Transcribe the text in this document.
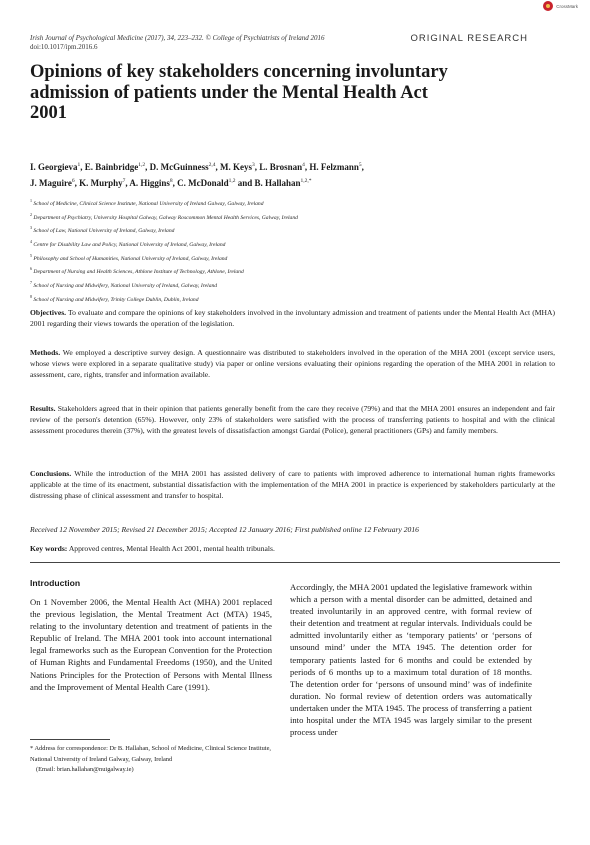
CrossMark
Irish Journal of Psychological Medicine (2017), 34, 223–232. © College of Psychiatrists of Ireland 2016
doi:10.1017/ipm.2016.6
ORIGINAL RESEARCH
Opinions of key stakeholders concerning involuntary admission of patients under the Mental Health Act 2001
I. Georgieva$^1$, E. Bainbridge$^{1,2}$, D. McGuinness$^{2,4}$, M. Keys$^3$, L. Brosnan$^4$, H. Felzmann$^5$,
J. Maguire$^6$, K. Murphy$^7$, A. Higgins$^8$, C. McDonald$^{1,2}$ and B. Hallahan$^{1,2,*}$
$^1$ School of Medicine, Clinical Science Institute, National University of Ireland Galway, Galway, Ireland
$^2$ Department of Psychiatry, University Hospital Galway, Galway Roscommon Mental Health Services, Galway, Ireland
$^3$ School of Law, National University of Ireland, Galway, Ireland
$^4$ Centre for Disability Law and Policy, National University of Ireland, Galway, Ireland
$^5$ Philosophy and School of Humanities, National University of Ireland, Galway, Ireland
$^6$ Department of Nursing and Health Sciences, Athlone Institute of Technology, Athlone, Ireland
$^7$ School of Nursing and Midwifery, National University of Ireland, Galway, Ireland
$^8$ School of Nursing and Midwifery, Trinity College Dublin, Dublin, Ireland
Objectives. To evaluate and compare the opinions of key stakeholders involved in the involuntary admission and treatment of patients under the Mental Health Act (MHA) 2001 regarding their views towards the operation of the legislation.
Methods. We employed a descriptive survey design. A questionnaire was distributed to stakeholders involved in the operation of the MHA 2001 (except service users, whose views were explored in a separate qualitative study) via paper or online versions evaluating their opinions regarding the operation of the MHA 2001 in relation to assessment, care, rights, transfer and information available.
Results. Stakeholders agreed that in their opinion that patients generally benefit from the care they receive (79%) and that the MHA 2001 ensures an independent and fair review of the person's detention (65%). However, only 23% of stakeholders were satisfied with the process of transferring patients to hospital and with the clinical assessment procedures therein (37%), with the greatest levels of dissatisfaction amongst Gardaí (Police), general practitioners (GPs) and family members.
Conclusions. While the introduction of the MHA 2001 has assisted delivery of care to patients with improved adherence to international human rights frameworks applicable at the time of its enactment, substantial dissatisfaction with the implementation of the MHA 2001 in practice is experienced by stakeholders particularly at the distressing phase of clinical assessment and transfer to hospital.
Received 12 November 2015; Revised 21 December 2015; Accepted 12 January 2016; First published online 12 February 2016
Key words: Approved centres, Mental Health Act 2001, mental health tribunals.
Introduction
On 1 November 2006, the Mental Health Act (MHA) 2001 replaced the previous legislation, the Mental Treatment Act (MTA) 1945, relating to the involuntary detention and treatment of patients in the Republic of Ireland. The MHA 2001 took into account international legal frameworks such as the European Convention for the Protection of Human Rights and Fundamental Freedoms (1950), and the United Nations Principles for the Protection of Persons with Mental Illness and the Improvement of Mental Health Care (1991).
Accordingly, the MHA 2001 updated the legislative framework within which a person with a mental disorder can be admitted, detained and treated involuntarily in an approved centre, with formal review of their detention and treatment at regular intervals. Individuals could be admitted involuntarily either as ‘temporary patients’ or ‘persons of unsound mind’ under the MTA 1945. The detention order for temporary patients lasted for 6 months and could be extended by periods of 6 months up to a maximum total duration of 18 months. The detention order for ‘persons of unsound mind’ was of indefinite duration. No formal review of detention orders was automatically undertaken under the MTA 1945. The process of transferring a patient into hospital under the MTA 1945 was largely similar to the present process under
* Address for correspondence: Dr B. Hallahan, School of Medicine, Clinical Science Institute, National University of Ireland Galway, Galway, Ireland
(Email: brian.hallahan@nuigalway.ie)
